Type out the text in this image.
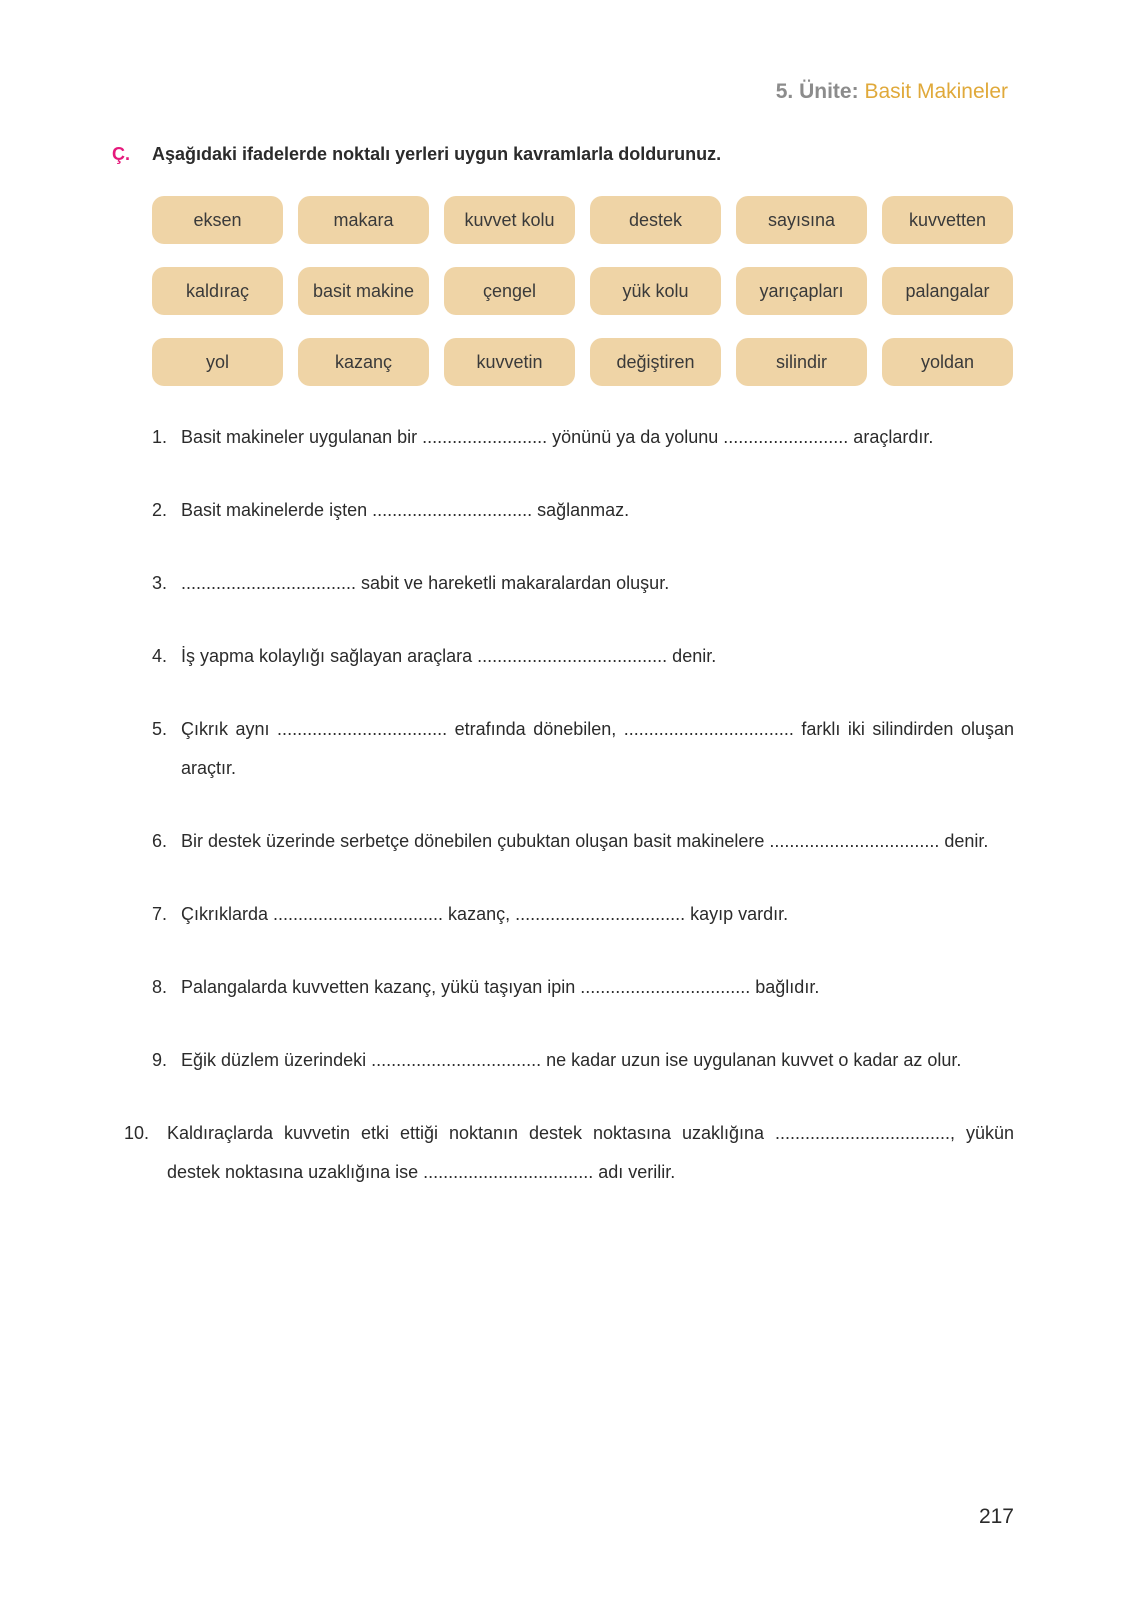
5. Ünite: Basit Makineler
Ç. Aşağıdaki ifadelerde noktalı yerleri uygun kavramlarla doldurunuz.
eksen	makara	kuvvet kolu	destek	sayısına	kuvvetten
kaldıraç	basit makine	çengel	yük kolu	yarıçapları	palangalar
yol	kazanç	kuvvetin	değiştiren	silindir	yoldan
1. Basit makineler uygulanan bir ......................... yönünü ya da yolunu ......................... araçlardır.
2. Basit makinelerde işten ................................ sağlanmaz.
3. ................................... sabit ve hareketli makaralardan oluşur.
4. İş yapma kolaylığı sağlayan araçlara ...................................... denir.
5. Çıkrık aynı .................................. etrafında dönebilen, .................................. farklı iki silindirden oluşan araçtır.
6. Bir destek üzerinde serbetçe dönebilen çubuktan oluşan basit makinelere .................................. denir.
7. Çıkrıklarda .................................. kazanç, .................................. kayıp vardır.
8. Palangalarda kuvvetten kazanç, yükü taşıyan ipin .................................. bağlıdır.
9. Eğik düzlem üzerindeki .................................. ne kadar uzun ise uygulanan kuvvet o kadar az olur.
10. Kaldıraçlarda kuvvetin etki ettiği noktanın destek noktasına uzaklığına ..................................., yükün destek noktasına uzaklığına ise .................................. adı verilir.
217
